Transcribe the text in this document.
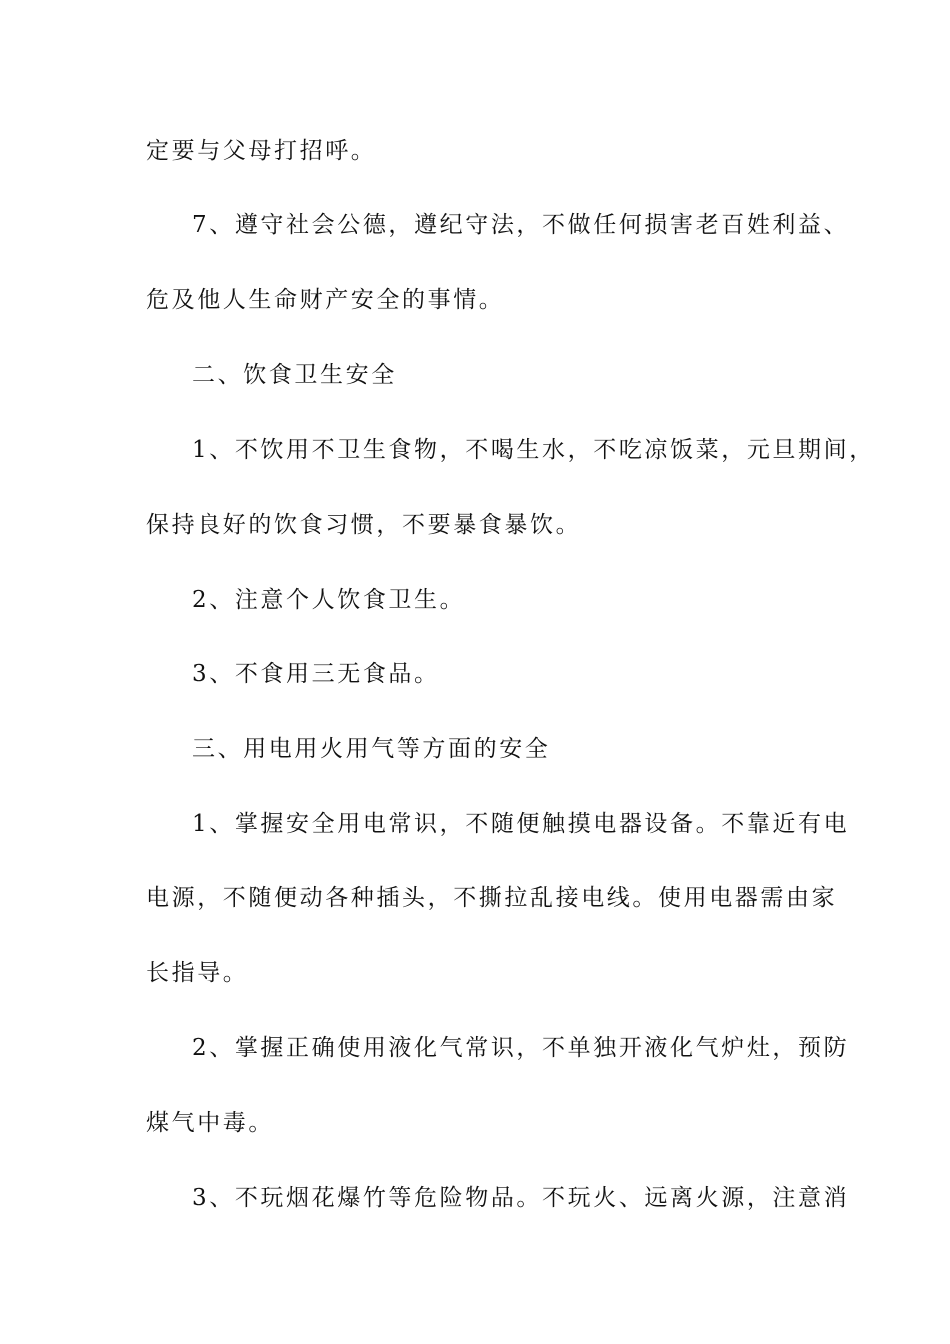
定要与父母打招呼。
7、遵守社会公德，遵纪守法，不做任何损害老百姓利益、
危及他人生命财产安全的事情。
二、饮食卫生安全
1、不饮用不卫生食物，不喝生水，不吃凉饭菜，元旦期间，
保持良好的饮食习惯，不要暴食暴饮。
2、注意个人饮食卫生。
3、不食用三无食品。
三、用电用火用气等方面的安全
1、掌握安全用电常识，不随便触摸电器设备。不靠近有电
电源，不随便动各种插头，不撕拉乱接电线。使用电器需由家
长指导。
2、掌握正确使用液化气常识，不单独开液化气炉灶，预防
煤气中毒。
3、不玩烟花爆竹等危险物品。不玩火、远离火源，注意消
